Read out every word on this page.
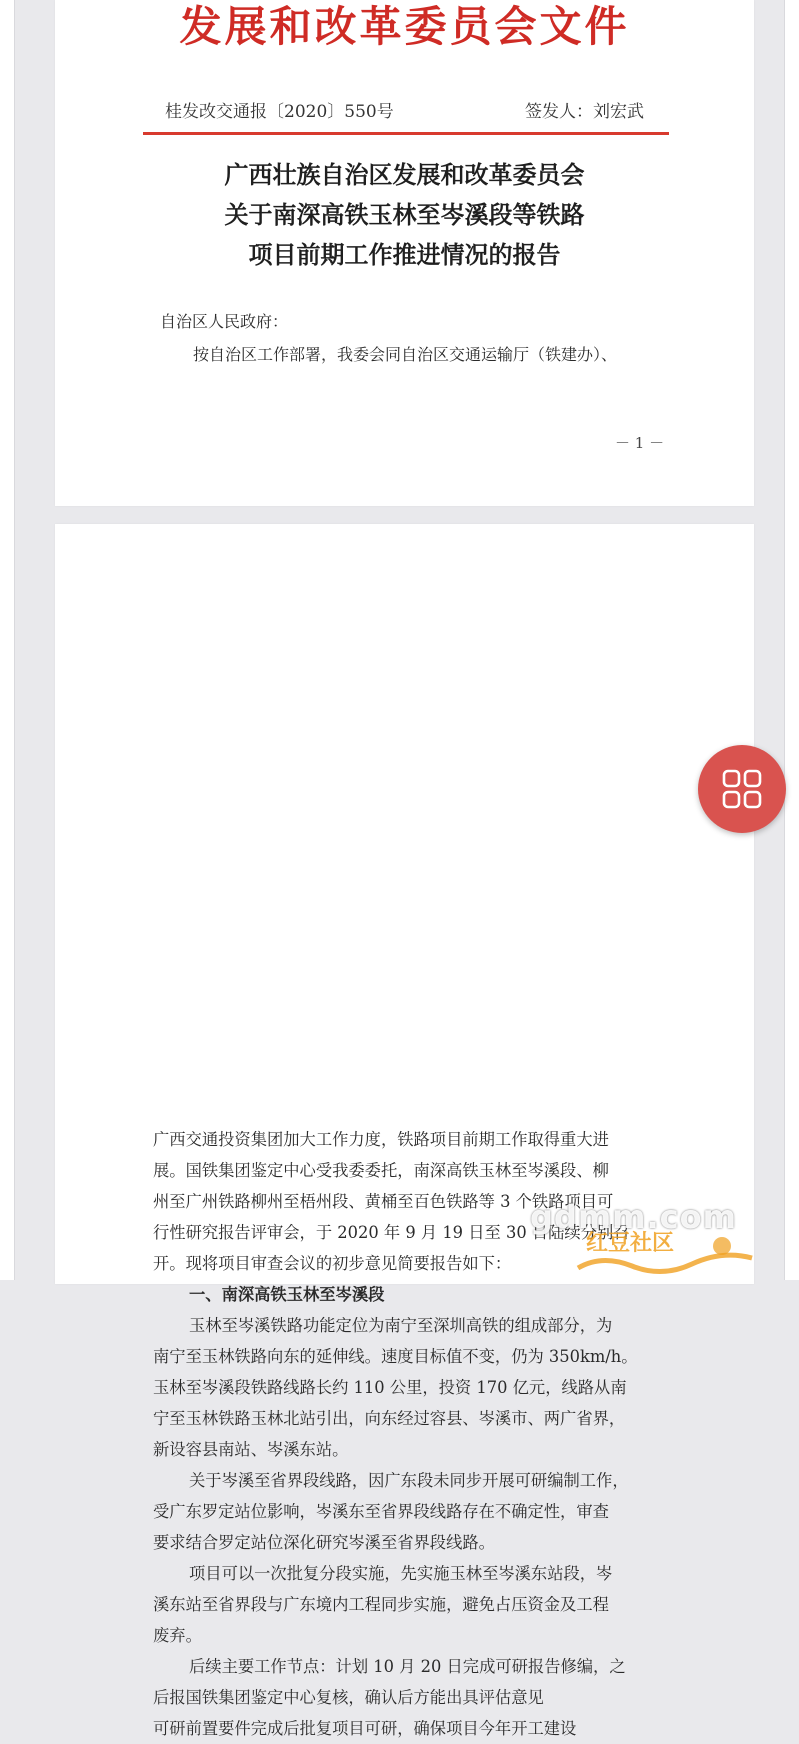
发展和改革委员会文件
桂发改交通报〔2020〕550号	签发人：刘宏武
广西壮族自治区发展和改革委员会
关于南深高铁玉林至岑溪段等铁路
项目前期工作推进情况的报告
自治区人民政府：
按自治区工作部署，我委会同自治区交通运输厅（铁建办）、
－ 1 －
广西交通投资集团加大工作力度，铁路项目前期工作取得重大进
展。国铁集团鉴定中心受我委委托，南深高铁玉林至岑溪段、柳
州至广州铁路柳州至梧州段、黄桶至百色铁路等 3 个铁路项目可
行性研究报告评审会，于 2020 年 9 月 19 日至 30 日陆续分别召
开。现将项目审查会议的初步意见简要报告如下：
一、南深高铁玉林至岑溪段
玉林至岑溪铁路功能定位为南宁至深圳高铁的组成部分，为
南宁至玉林铁路向东的延伸线。速度目标值不变，仍为 350km/h。
玉林至岑溪段铁路线路长约 110 公里，投资 170 亿元，线路从南
宁至玉林铁路玉林北站引出，向东经过容县、岑溪市、两广省界，
新设容县南站、岑溪东站。
关于岑溪至省界段线路，因广东段未同步开展可研编制工作，
受广东罗定站位影响，岑溪东至省界段线路存在不确定性，审查
要求结合罗定站位深化研究岑溪至省界段线路。
项目可以一次批复分段实施，先实施玉林至岑溪东站段，岑
溪东站至省界段与广东境内工程同步实施，避免占压资金及工程
废弃。
后续主要工作节点：计划 10 月 20 日完成可研报告修编，之
后报国铁集团鉴定中心复核，确认后方能出具评估意见
可研前置要件完成后批复项目可研，确保项目今年开工建设
gdmm.com
红豆社区
